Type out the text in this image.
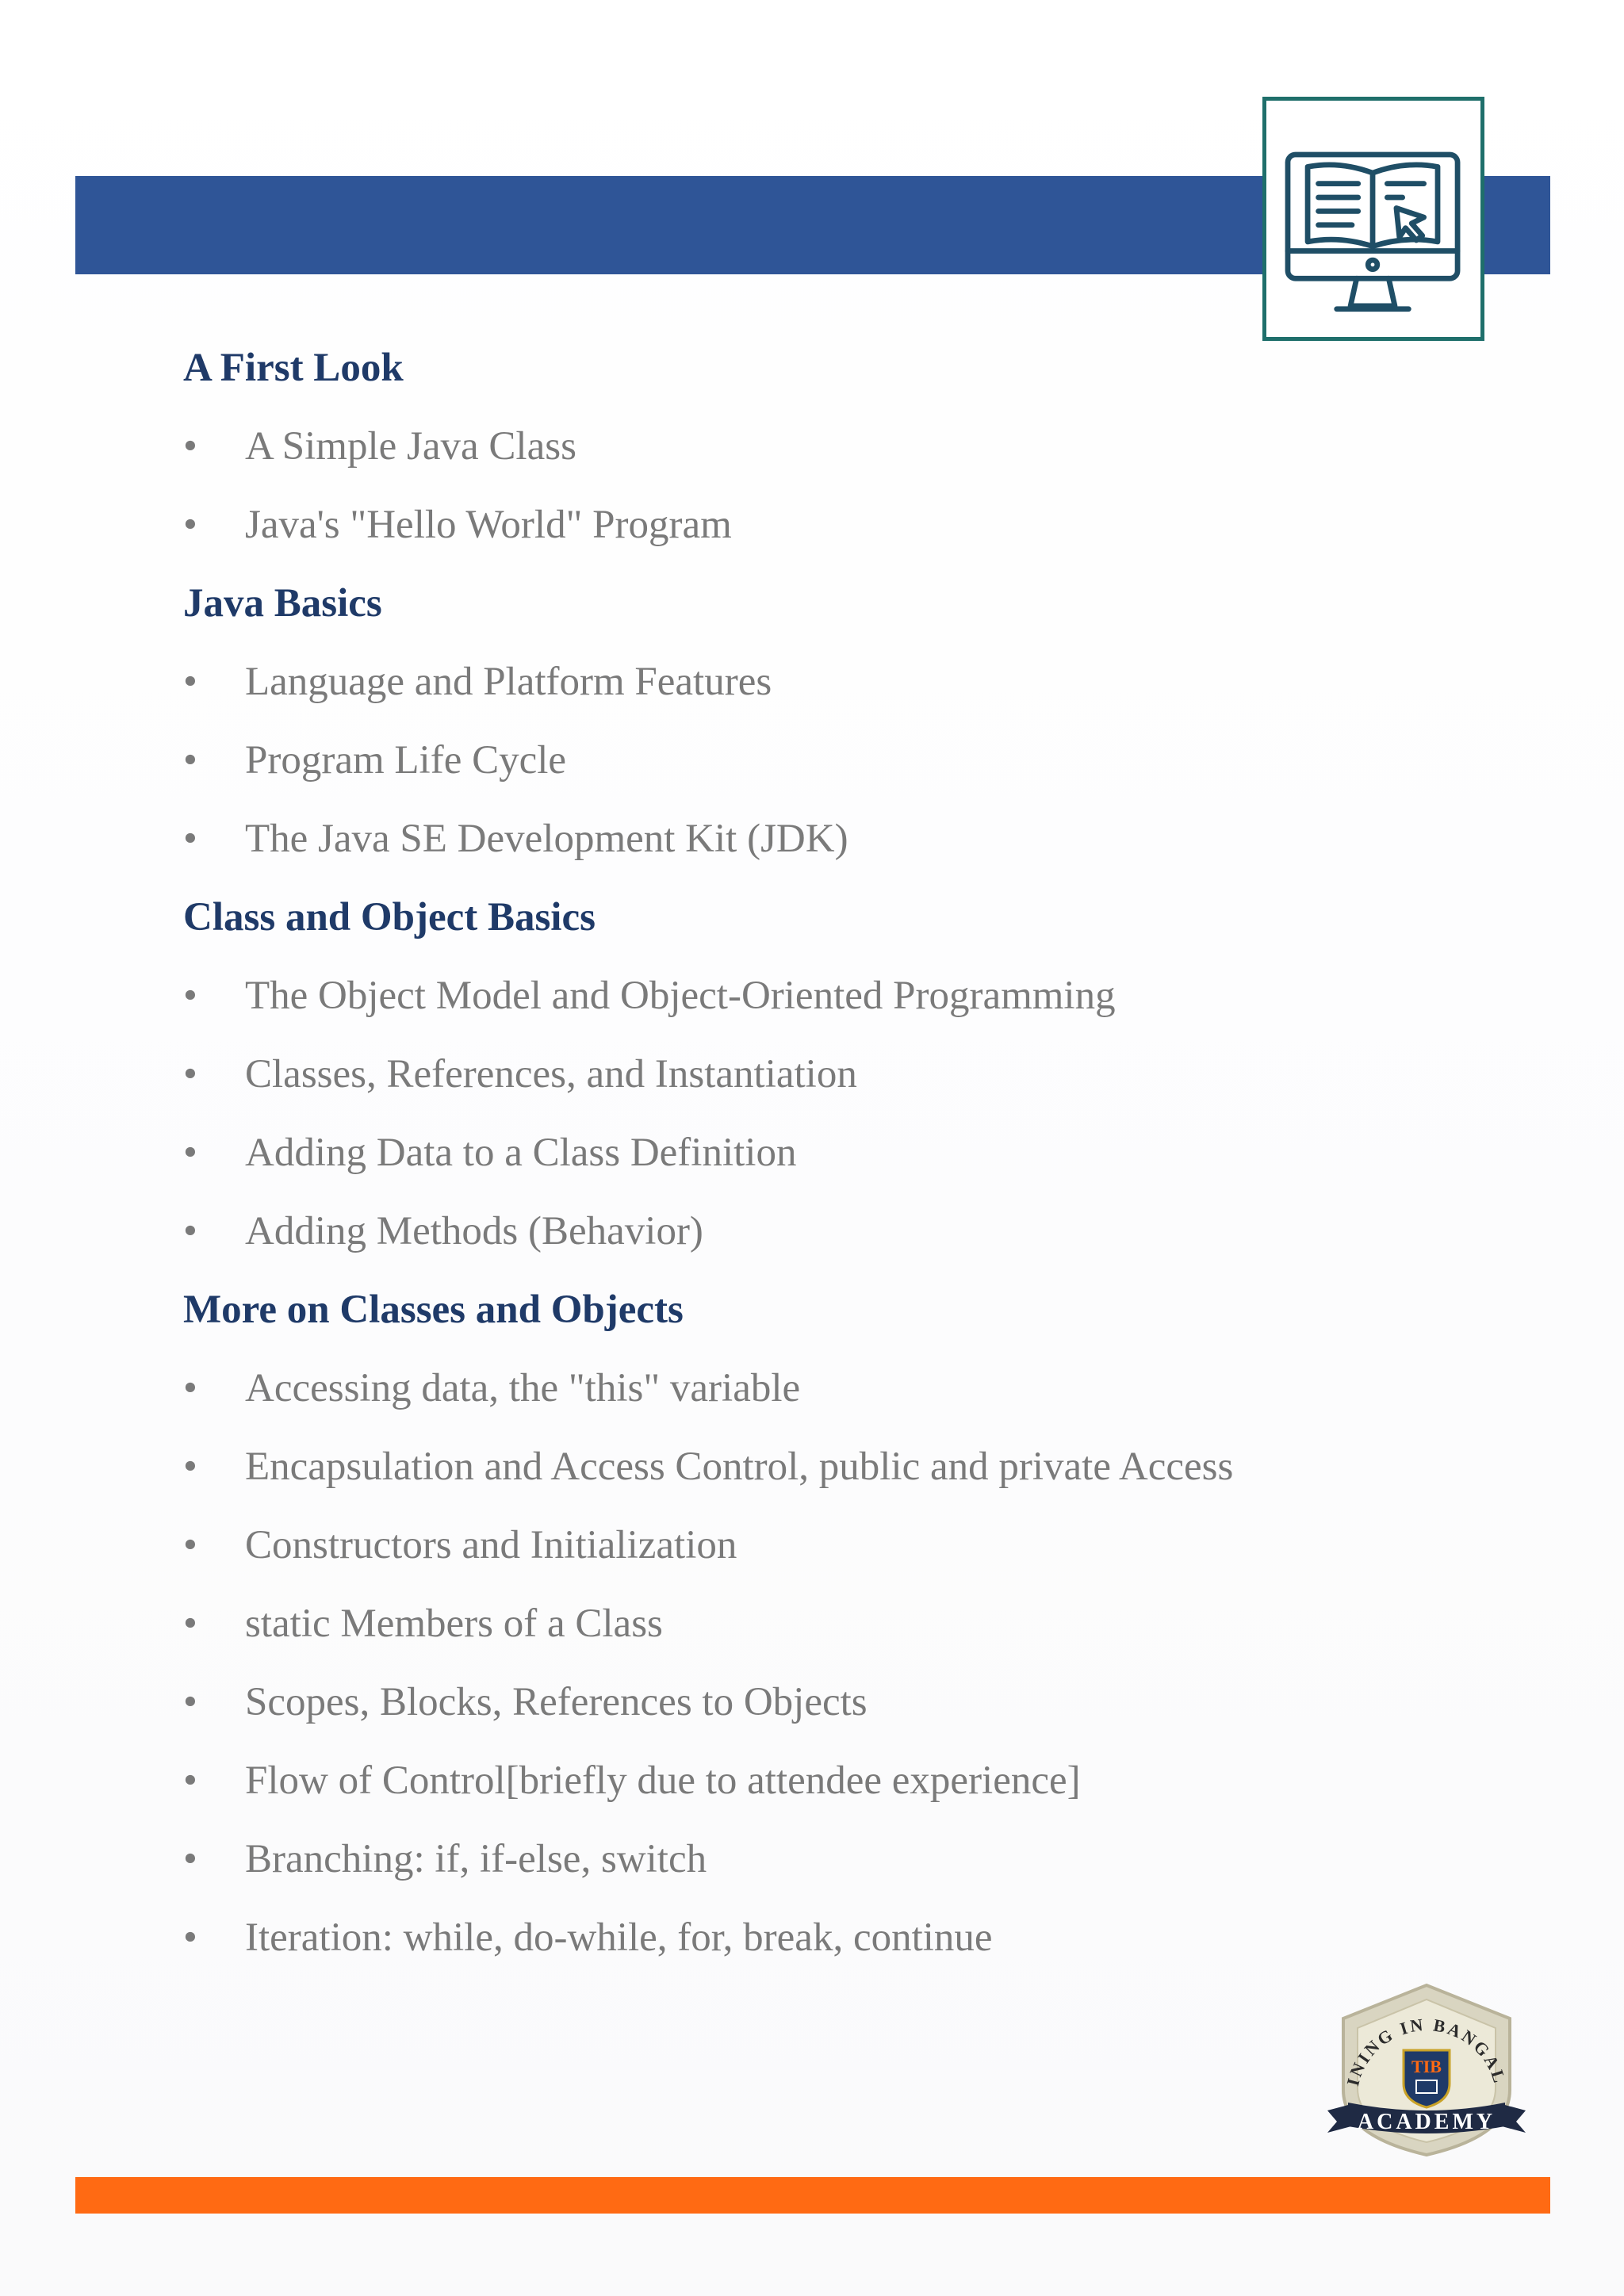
A First Look
•	A Simple Java Class
•	Java's "Hello World" Program
Java Basics
•	Language and Platform Features
•	Program Life Cycle
•	The Java SE Development Kit (JDK)
Class and Object Basics
•	The Object Model and Object-Oriented Programming
•	Classes, References, and Instantiation
•	Adding Data to a Class Definition
•	Adding Methods (Behavior)
More on Classes and Objects
•	Accessing data, the "this" variable
•	Encapsulation and Access Control, public and private Access
•	Constructors and Initialization
•	static Members of a Class
•	Scopes, Blocks, References to Objects
•	Flow of Control[briefly due to attendee experience]
•	Branching: if, if-else, switch
•	Iteration: while, do-while, for, break, continue
INING IN BANGAL
TIB
ACADEMY
